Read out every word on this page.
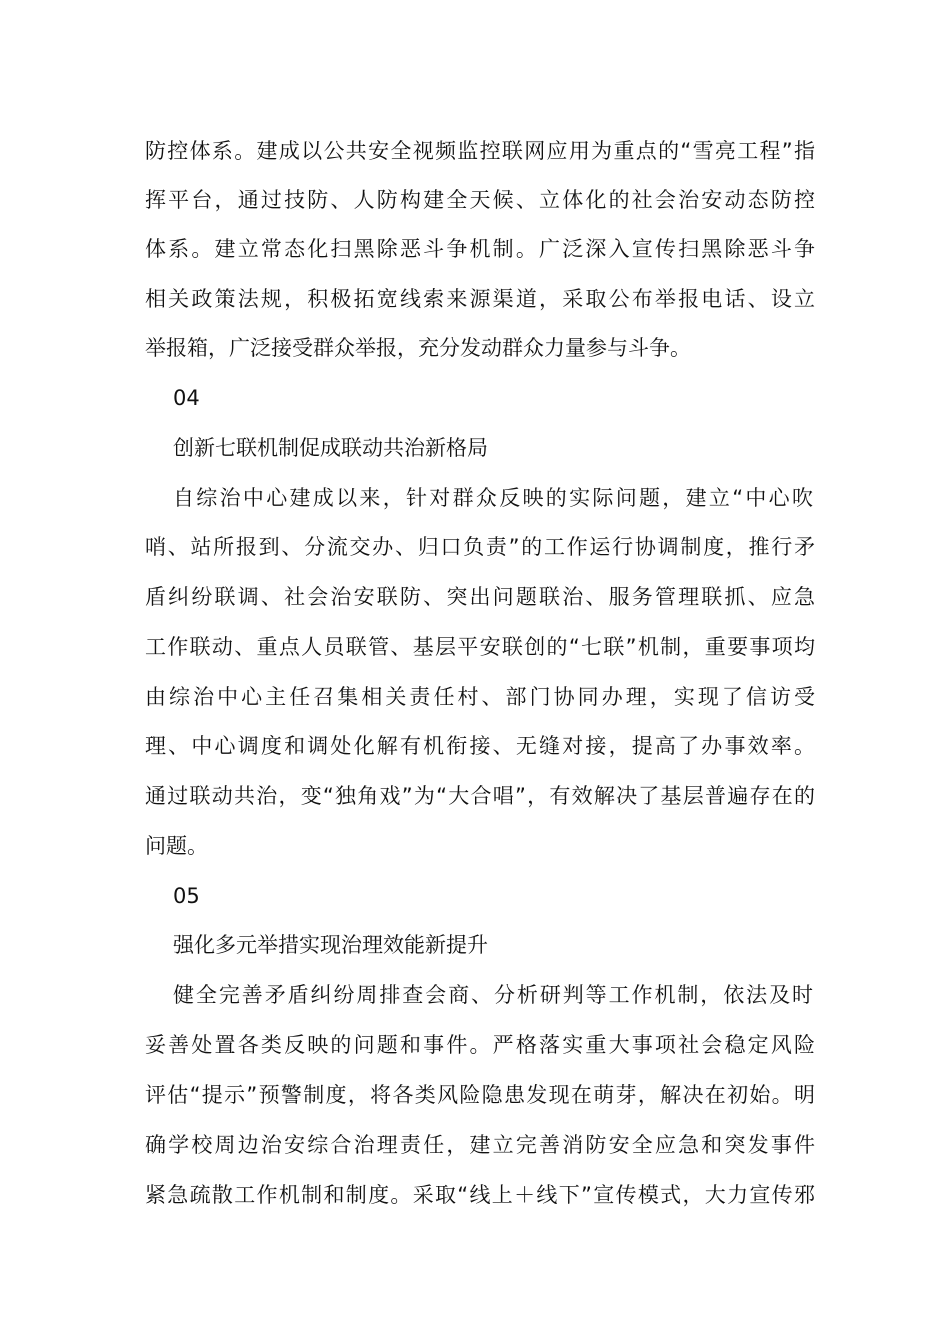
防控体系。建成以公共安全视频监控联网应用为重点的“雪亮工程”指
挥平台，通过技防、人防构建全天候、立体化的社会治安动态防控
体系。建立常态化扫黑除恶斗争机制。广泛深入宣传扫黑除恶斗争
相关政策法规，积极拓宽线索来源渠道，采取公布举报电话、设立
举报箱，广泛接受群众举报，充分发动群众力量参与斗争。
04
创新七联机制促成联动共治新格局
自综治中心建成以来，针对群众反映的实际问题，建立“中心吹
哨、站所报到、分流交办、归口负责”的工作运行协调制度，推行矛
盾纠纷联调、社会治安联防、突出问题联治、服务管理联抓、应急
工作联动、重点人员联管、基层平安联创的“七联”机制，重要事项均
由综治中心主任召集相关责任村、部门协同办理，实现了信访受
理、中心调度和调处化解有机衔接、无缝对接，提高了办事效率。
通过联动共治，变“独角戏”为“大合唱”，有效解决了基层普遍存在的
问题。
05
强化多元举措实现治理效能新提升
健全完善矛盾纠纷周排查会商、分析研判等工作机制，依法及时
妥善处置各类反映的问题和事件。严格落实重大事项社会稳定风险
评估“提示”预警制度，将各类风险隐患发现在萌芽，解决在初始。明
确学校周边治安综合治理责任，建立完善消防安全应急和突发事件
紧急疏散工作机制和制度。采取“线上＋线下”宣传模式，大力宣传邪
